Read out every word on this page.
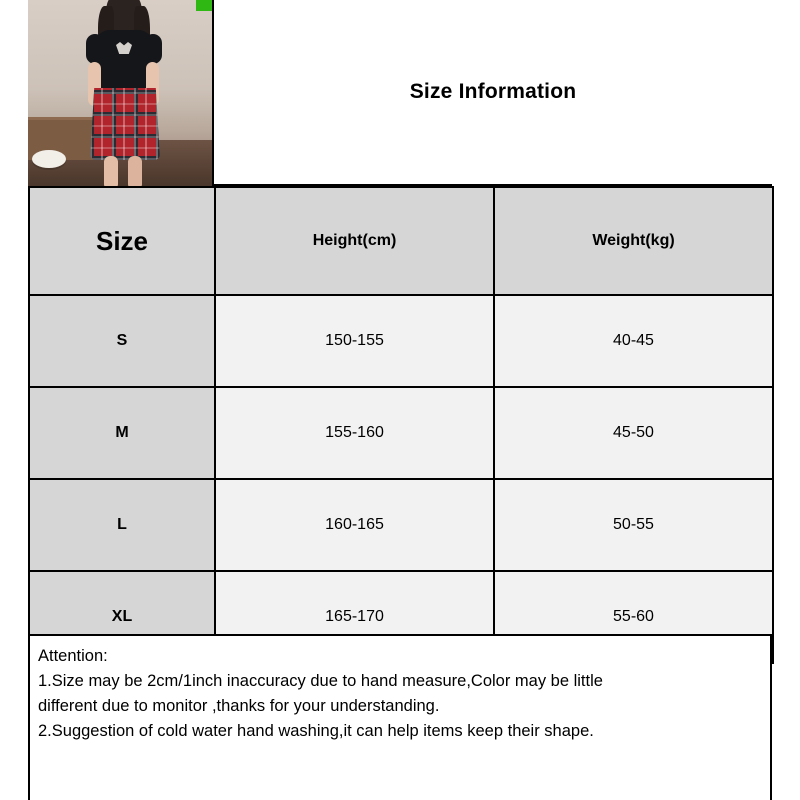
Size Information
Size	Height(cm)	Weight(kg)
S	150-155	40-45
M	155-160	45-50
L	160-165	50-55
XL	165-170	55-60

Attention:

1.Size may be 2cm/1inch inaccuracy due to hand measure,Color may be little

different due to monitor ,thanks for your understanding.

2.Suggestion of cold water hand washing,it can help items keep their shape.
